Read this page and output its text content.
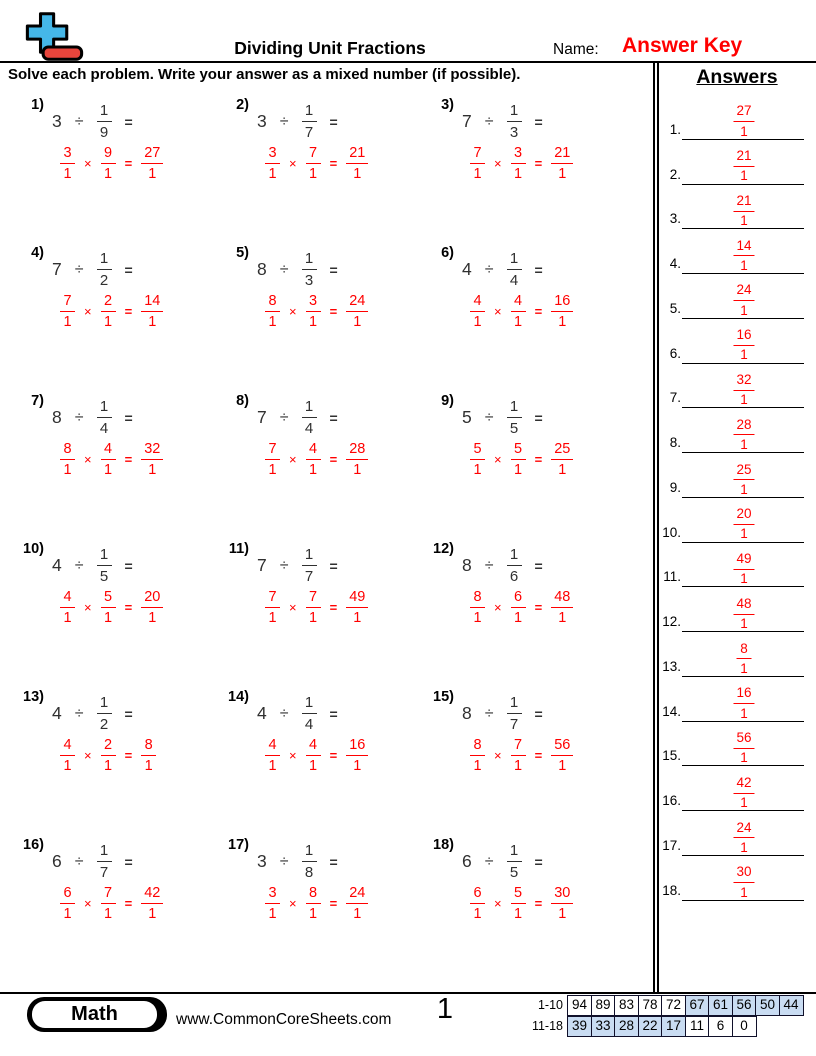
Dividing Unit Fractions	Name: Answer Key
Solve each problem. Write your answer as a mixed number (if possible).
1)
$3 \div \frac{1}{9}$ =
$\frac{3}{1} \times \frac{9}{1} = \frac{27}{1}$
2)
$3 \div \frac{1}{7}$ =
$\frac{3}{1} \times \frac{7}{1} = \frac{21}{1}$
3)
$7 \div \frac{1}{3}$ =
$\frac{7}{1} \times \frac{3}{1} = \frac{21}{1}$
4)
$7 \div \frac{1}{2}$ =
$\frac{7}{1} \times \frac{2}{1} = \frac{14}{1}$
5)
$8 \div \frac{1}{3}$ =
$\frac{8}{1} \times \frac{3}{1} = \frac{24}{1}$
6)
$4 \div \frac{1}{4}$ =
$\frac{4}{1} \times \frac{4}{1} = \frac{16}{1}$
7)
$8 \div \frac{1}{4}$ =
$\frac{8}{1} \times \frac{4}{1} = \frac{32}{1}$
8)
$7 \div \frac{1}{4}$ =
$\frac{7}{1} \times \frac{4}{1} = \frac{28}{1}$
9)
$5 \div \frac{1}{5}$ =
$\frac{5}{1} \times \frac{5}{1} = \frac{25}{1}$
10)
$4 \div \frac{1}{5}$ =
$\frac{4}{1} \times \frac{5}{1} = \frac{20}{1}$
11)
$7 \div \frac{1}{7}$ =
$\frac{7}{1} \times \frac{7}{1} = \frac{49}{1}$
12)
$8 \div \frac{1}{6}$ =
$\frac{8}{1} \times \frac{6}{1} = \frac{48}{1}$
13)
$4 \div \frac{1}{2}$ =
$\frac{4}{1} \times \frac{2}{1} = \frac{8}{1}$
14)
$4 \div \frac{1}{4}$ =
$\frac{4}{1} \times \frac{4}{1} = \frac{16}{1}$
15)
$8 \div \frac{1}{7}$ =
$\frac{8}{1} \times \frac{7}{1} = \frac{56}{1}$
16)
$6 \div \frac{1}{7}$ =
$\frac{6}{1} \times \frac{7}{1} = \frac{42}{1}$
17)
$3 \div \frac{1}{8}$ =
$\frac{3}{1} \times \frac{8}{1} = \frac{24}{1}$
18)
$6 \div \frac{1}{5}$ =
$\frac{6}{1} \times \frac{5}{1} = \frac{30}{1}$
Answers
1.	$\frac{27}{1}$
2.	$\frac{21}{1}$
3.	$\frac{21}{1}$
4.	$\frac{14}{1}$
5.	$\frac{24}{1}$
6.	$\frac{16}{1}$
7.	$\frac{32}{1}$
8.	$\frac{28}{1}$
9.	$\frac{25}{1}$
10.	$\frac{20}{1}$
11.	$\frac{49}{1}$
12.	$\frac{48}{1}$
13.	$\frac{8}{1}$
14.	$\frac{16}{1}$
15.	$\frac{56}{1}$
16.	$\frac{42}{1}$
17.	$\frac{24}{1}$
18.	$\frac{30}{1}$
Math	www.CommonCoreSheets.com	1	1-10 94 89 83 78 72 67 61 56 50 44
11-18 39 33 28 22 17 11 6	0
